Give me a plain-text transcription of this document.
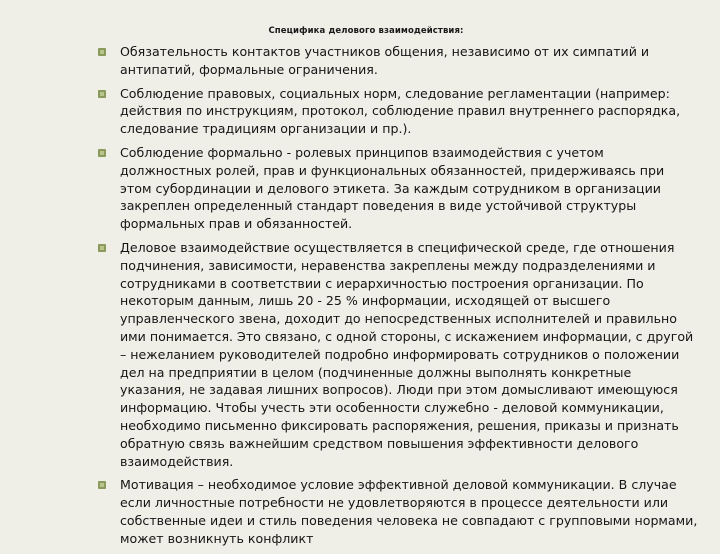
Специфика делового взаимодействия:
Обязательность контактов участников общения, независимо от их симпатий и антипатий, формальные ограничения.
Соблюдение правовых, социальных норм, следование регламентации (например: действия по инструкциям, протокол, соблюдение правил внутреннего распорядка, следование традициям организации и пр.).
Соблюдение формально - ролевых принципов взаимодействия с учетом должностных ролей, прав и функциональных обязанностей, придерживаясь при этом субординации и делового этикета. За каждым сотрудником в организации закреплен определенный стандарт поведения в виде устойчивой структуры формальных прав и обязанностей.
Деловое взаимодействие осуществляется в специфической среде, где отношения подчинения, зависимости, неравенства закреплены между подразделениями и сотрудниками в соответствии с иерархичностью построения организации. По некоторым данным, лишь 20 - 25 % информации, исходящей от высшего управленческого звена, доходит до непосредственных исполнителей и правильно ими понимается. Это связано, с одной стороны, с искажением информации, с другой – нежеланием руководителей подробно информировать сотрудников о положении дел на предприятии в целом (подчиненные должны выполнять конкретные указания, не задавая лишних вопросов). Люди при этом домысливают имеющуюся информацию. Чтобы учесть эти особенности служебно - деловой коммуникации, необходимо письменно фиксировать распоряжения, решения, приказы и признать обратную связь важнейшим средством повышения эффективности делового взаимодействия.
Мотивация – необходимое условие эффективной деловой коммуникации. В случае если личностные потребности не удовлетворяются в процессе деятельности или собственные идеи и стиль поведения человека не совпадают с групповыми нормами, может возникнуть конфликт
